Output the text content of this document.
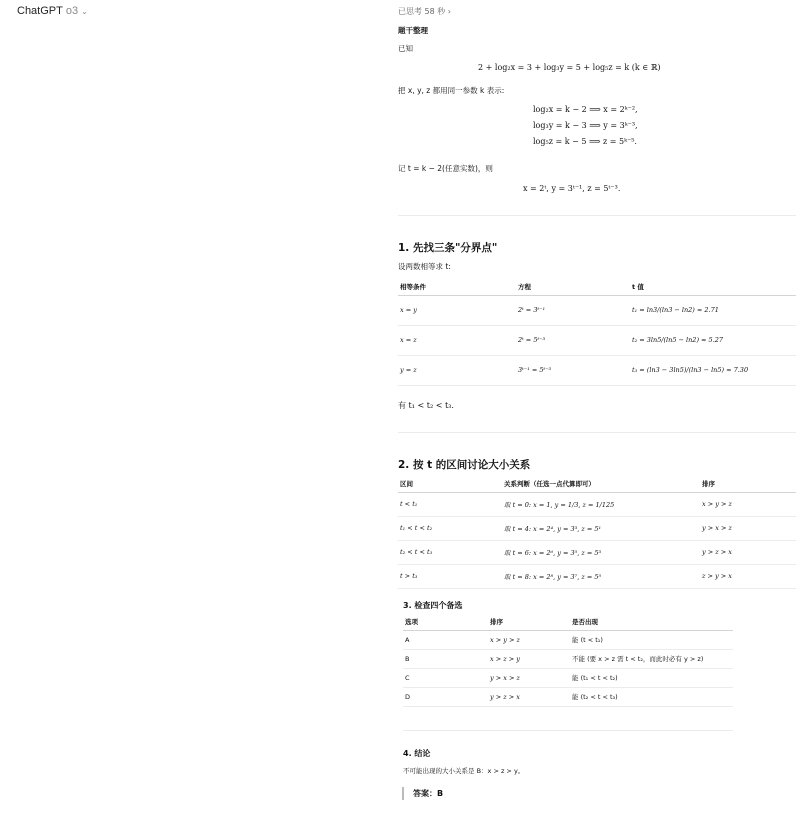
ChatGPT o3 ⌄	已思考 58 秒 ›
题干整理
已知
2 + log₂x = 3 + log₃y = 5 + log₅z = k (k ∈ ℝ)
把 x, y, z 都用同一参数 k 表示:
log₂x = k − 2 ⟹ x = 2ᵏ⁻²,
log₃y = k − 3 ⟹ y = 3ᵏ⁻³,
log₅z = k − 5 ⟹ z = 5ᵏ⁻⁵.
记 t = k − 2(任意实数)，则
x = 2ᵗ, y = 3ᵗ⁻¹, z = 5ᵗ⁻³.
1. 先找三条"分界点"
设两数相等求 t:
相等条件	方程	t 值
x = y	2ᵗ = 3ᵗ⁻¹	t₁ = ln3/(ln3 − ln2) ≈ 2.71
x = z	2ᵗ = 5ᵗ⁻³	t₂ = 3ln5/(ln5 − ln2) ≈ 5.27
y = z	3ᵗ⁻¹ = 5ᵗ⁻³	t₃ = (ln3 − 3ln5)/(ln3 − ln5) ≈ 7.30
有 t₁ < t₂ < t₃.
2. 按 t 的区间讨论大小关系
区间	关系判断（任选一点代算即可）	排序
t < t₁	取 t = 0: x = 1, y = 1/3, z = 1/125	x > y > z
t₁ < t < t₂	取 t = 4: x = 2⁴, y = 3³, z = 5¹	y > x > z
t₂ < t < t₃	取 t = 6: x = 2⁶, y = 3⁵, z = 5³	y > z > x
t > t₃	取 t = 8: x = 2⁸, y = 3⁷, z = 5⁵	z > y > x
3. 检查四个备选
选项	排序	是否出现
A	x > y > z	能 (t < t₁)
B	x > z > y	不能 (要 x > z 需 t < t₂，而此时必有 y > z)
C	y > x > z	能 (t₁ < t < t₂)
D	y > z > x	能 (t₂ < t < t₃)
4. 结论
不可能出现的大小关系是 B：x > z > y。
答案：B
